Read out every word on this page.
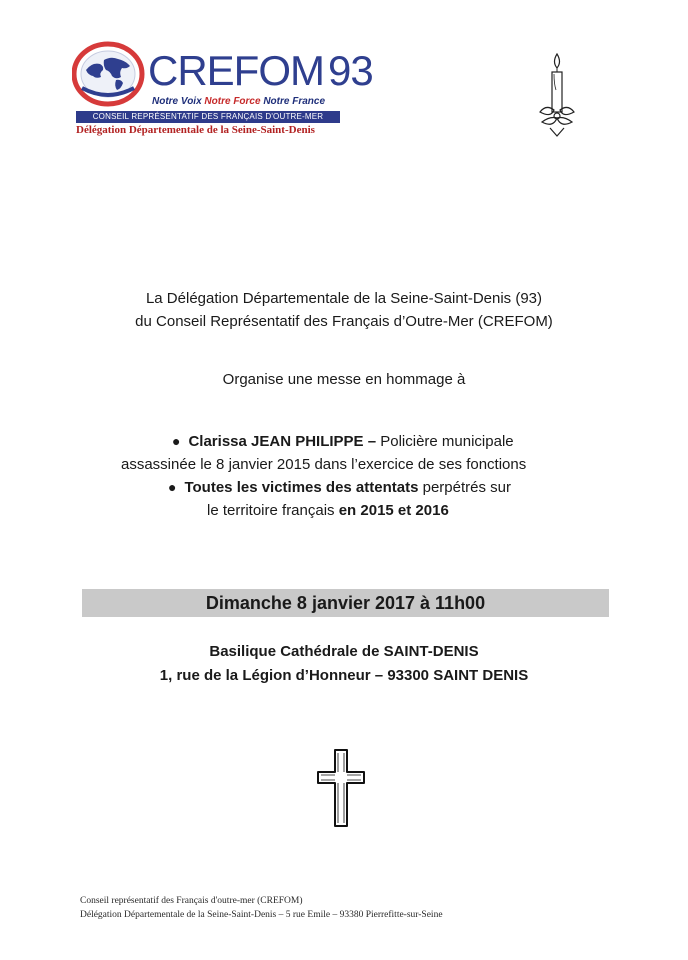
CREFOM93
Notre Voix Notre Force Notre France
CONSEIL REPRÉSENTATIF DES FRANÇAIS D'OUTRE-MER
Délégation Départementale de la Seine-Saint-Denis
La Délégation Départementale de la Seine-Saint-Denis (93)
du Conseil Représentatif des Français d’Outre-Mer (CREFOM)
Organise une messe en hommage à
● Clarissa JEAN PHILIPPE – Policière municipale
assassinée le 8 janvier 2015 dans l’exercice de ses fonctions
● Toutes les victimes des attentats perpétrés sur
le territoire français en 2015 et 2016
Dimanche 8 janvier 2017 à 11h00
Basilique Cathédrale de SAINT-DENIS
1, rue de la Légion d’Honneur – 93300 SAINT DENIS
Conseil représentatif des Français d'outre-mer (CREFOM)
Délégation Départementale de la Seine-Saint-Denis – 5 rue Emile – 93380 Pierrefitte-sur-Seine
